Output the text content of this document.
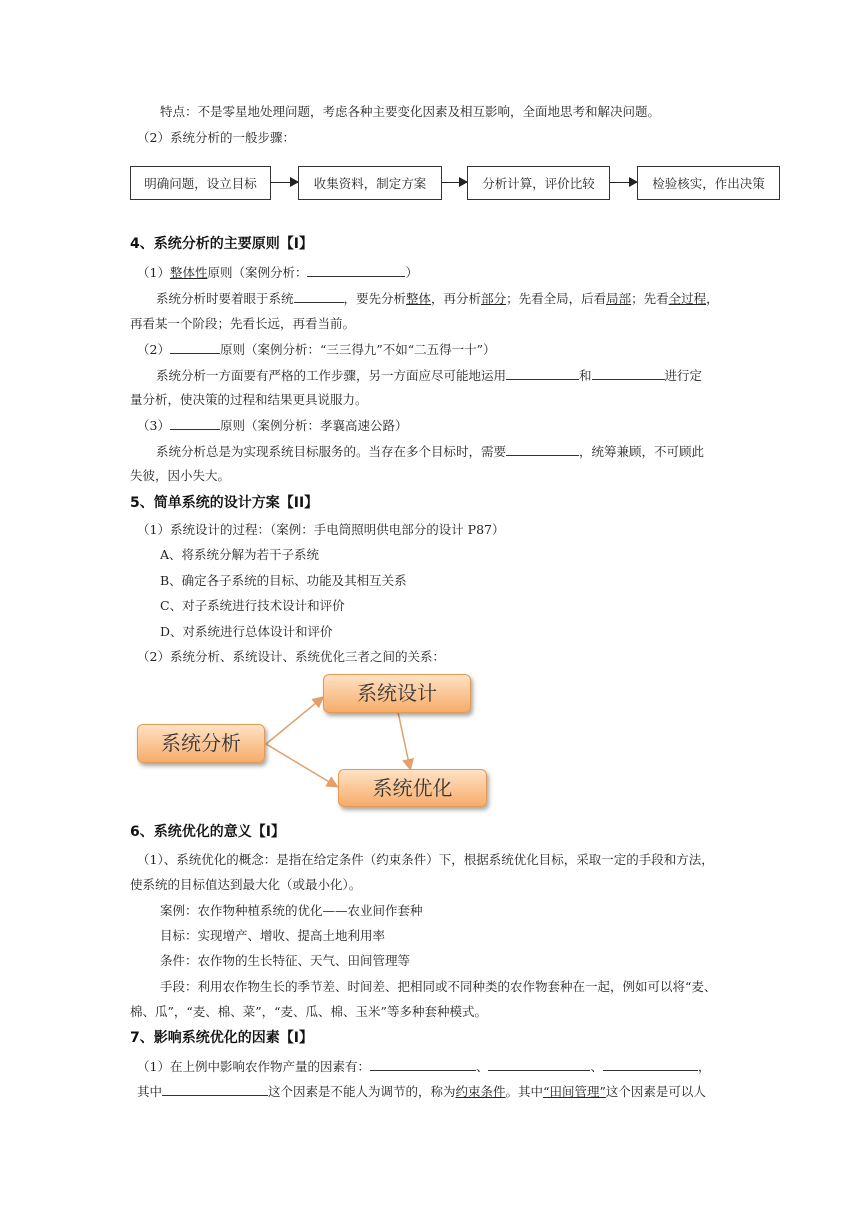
特点：不是零星地处理问题，考虑各种主要变化因素及相互影响，全面地思考和解决问题。
（2）系统分析的一般步骤：
明确问题，设立目标	收集资料，制定方案	分析计算，评价比较	检验核实，作出决策
4、系统分析的主要原则【I】
（1）整体性原则（案例分析：	）
系统分析时要着眼于系统	，要先分析整体，再分析部分；先看全局，后看局部；先看全过程，
再看某一个阶段；先看长远，再看当前。
（2）	原则（案例分析：“三三得九”不如“二五得一十”）
系统分析一方面要有严格的工作步骤，另一方面应尽可能地运用	和	进行定
量分析，使决策的过程和结果更具说服力。
（3）	原则（案例分析：孝襄高速公路）
系统分析总是为实现系统目标服务的。当存在多个目标时，需要	，统筹兼顾，不可顾此
失彼，因小失大。
5、简单系统的设计方案【II】
（1）系统设计的过程：（案例：手电筒照明供电部分的设计 P87）
A、将系统分解为若干子系统
B、确定各子系统的目标、功能及其相互关系
C、对子系统进行技术设计和评价
D、对系统进行总体设计和评价
（2）系统分析、系统设计、系统优化三者之间的关系：
系统分析
系统设计
系统优化
6、系统优化的意义【I】
（1）、系统优化的概念：是指在给定条件（约束条件）下，根据系统优化目标，采取一定的手段和方法，
使系统的目标值达到最大化（或最小化）。
案例：农作物种植系统的优化——农业间作套种
目标：实现增产、增收、提高土地利用率
条件：农作物的生长特征、天气、田间管理等
手段：利用农作物生长的季节差、时间差、把相同或不同种类的农作物套种在一起，例如可以将“麦、
棉、瓜”，“麦、棉、菜”，“麦、瓜、棉、玉米”等多种套种模式。
7、影响系统优化的因素【I】
（1）在上例中影响农作物产量的因素有：	、	、	，
其中	这个因素是不能人为调节的，称为约束条件。其中“田间管理”这个因素是可以人
